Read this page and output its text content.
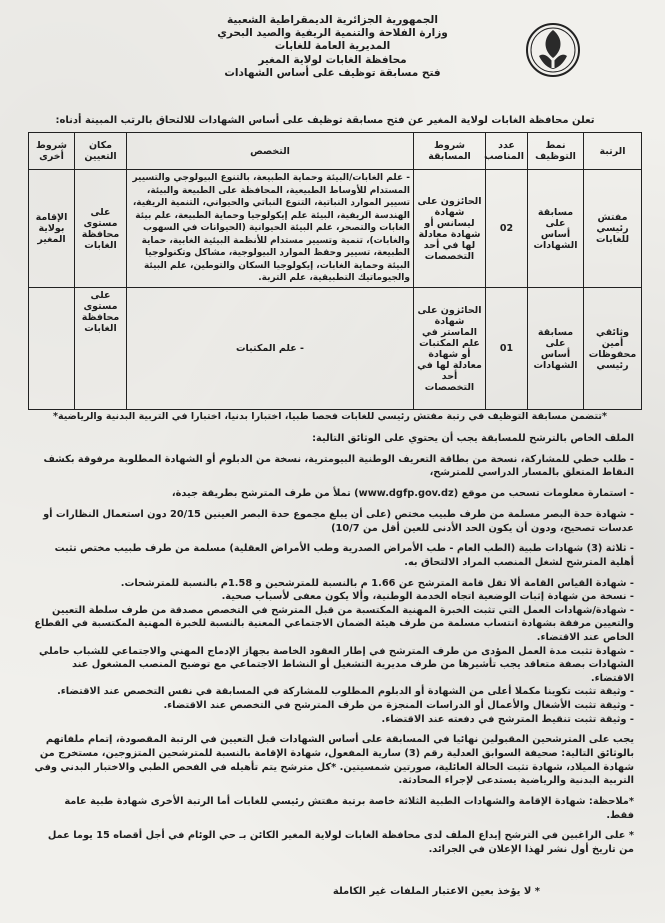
الجمهورية الجزائرية الديمقراطية الشعبية
وزارة الفلاحة والتنمية الريفية والصيد البحري
المديرية العامة للغابات
محافظة الغابات لولاية المغير
فتح مسابقة توظيف على أساس الشهادات
تعلن محافظة الغابات لولاية المغير عن فتح مسابقة توظيف على أساس الشهادات للالتحاق بالرتب المبينة أدناه:
الرتبة	نمط التوظيف	عدد المناصب	شروط المسابقة	التخصص	مكان التعيين	شروط أخرى
مفتش رئيسي للغابات	مسابقة على أساس الشهادات	02	الحائزون على شهادة ليسانس أو شهادة معادلة لها في أحد التخصصات	- علم الغابات/البيئة وحماية الطبيعة، بالتنوع البيولوجي والتسيير المستدام للأوساط الطبيعية، المحافظة على الطبيعة والبيئة، تسيير الموارد النباتية، التنوع النباتي والحيواني، التنمية الريفية، الهندسة الريفية، البيئة علم إيكولوجيا وحماية الطبيعة، علم بيئة الغابات والتصحر، علم البيئة الحيوانية (الحيوانات في السهوب والغابات)، تنمية وتسيير مستدام للأنظمة البيئية الغابية، حماية الطبيعة، تسيير وحفظ الموارد البيولوجية، مشاكل وتكنولوجيا البيئة وحماية الغابات، إيكولوجيا السكان والتوطين، علم البيئة والجيوماتيك التطبيقية، علم التربة.	على مستوى محافظة الغابات	الإقامة بولاية المغير
وثائقي أمين محفوظات رئيسي	مسابقة على أساس الشهادات	01	الحائزون على شهادة الماستر في علم المكتبات أو شهادة معادلة لها في أحد التخصصات	- علم المكتبات	على مستوى محافظة الغابات	
*تتضمن مسابقة التوظيف في رتبة مفتش رئيسي للغابات فحصا طبيا، اختبارا بدنيا، اختبارا في التربية البدنية والرياضية*

الملف الخاص بالترشح للمسابقة يجب أن يحتوي على الوثائق التالية:

- طلب خطي للمشاركة، نسخة من بطاقة التعريف الوطنية البيومترية، نسخة من الدبلوم أو الشهادة المطلوبة مرفوقة بكشف النقاط المتعلق بالمسار الدراسي للمترشح،

- استمارة معلومات تسحب من موقع (www.dgfp.gov.dz) تملأ من طرف المترشح بطريقة جيدة،

- شهادة حدة البصر مسلمة من طرف طبيب مختص (على أن يبلغ مجموع حدة البصر العينين 20/15 دون استعمال النظارات أو عدسات تصحيح، ودون أن يكون الحد الأدنى للعين أقل من 10/7)

- ثلاثة (3) شهادات طبية (الطب العام - طب الأمراض الصدرية وطب الأمراض العقلية) مسلمة من طرف طبيب مختص تثبت أهلية المترشح لشغل المنصب المراد الالتحاق به.

- شهادة القياس القامة ألا تقل قامة المترشح عن 1.66 م بالنسبة للمترشحين و 1.58م بالنسبة للمترشحات.

- نسخة من شهادة إثبات الوضعية اتجاه الخدمة الوطنية، وألا يكون معفى لأسباب صحية.

- شهادة/شهادات العمل التي تثبت الخبرة المهنية المكتسبة من قبل المترشح في التخصص مصدقة من طرف سلطة التعيين والتعيين مرفقة بشهادة انتساب مسلمة من طرف هيئة الضمان الاجتماعي المعنية بالنسبة للخبرة المهنية المكتسبة في القطاع الخاص عند الاقتضاء.

- شهادة تثبت مدة العمل المؤدى من طرف المترشح في إطار العقود الخاصة بجهاز الإدماج المهني والاجتماعي للشباب حاملي الشهادات بصفة متعاقد يجب تأشيرها من طرف مديرية التشغيل أو النشاط الاجتماعي مع توضيح المنصب المشغول عند الاقتضاء.

- وثيقة تثبت تكوينا مكملا أعلى من الشهادة أو الدبلوم المطلوب للمشاركة في المسابقة في نفس التخصص عند الاقتضاء.

- وثيقة تثبت الأشغال والأعمال أو الدراسات المنجزة من طرف المترشح في التخصص عند الاقتضاء.

- وثيقة تثبت تنقيط المترشح في دفعته عند الاقتضاء.

يجب على المترشحين المقبولين نهائيا في المسابقة على أساس الشهادات قبل التعيين في الرتبة المقصودة، إتمام ملفاتهم بالوثائق التالية: صحيفة السوابق العدلية رقم (3) سارية المفعول، شهادة الإقامة بالنسبة للمترشحين المتزوجين، مستخرج من شهادة الميلاد، شهادة تثبت الحالة العائلية، صورتين شمسيتين. *كل مترشح يتم تأهيله في الفحص الطبي والاختبار البدني وفي التربية البدنية والرياضية يستدعى لإجراء المحادثة.

*ملاحظة: شهادة الإقامة والشهادات الطبية الثلاثة خاصة برتبة مفتش رئيسي للغابات أما الرتبة الأخرى شهادة طبية عامة فقط.

* على الراغبين في الترشح إيداع الملف لدى محافظة الغابات لولاية المغير الكائن بـ حي الوئام في أجل أقصاه 15 يوما عمل من تاريخ أول نشر لهذا الإعلان في الجرائد.

* لا يؤخذ بعين الاعتبار الملفات غير الكاملة
